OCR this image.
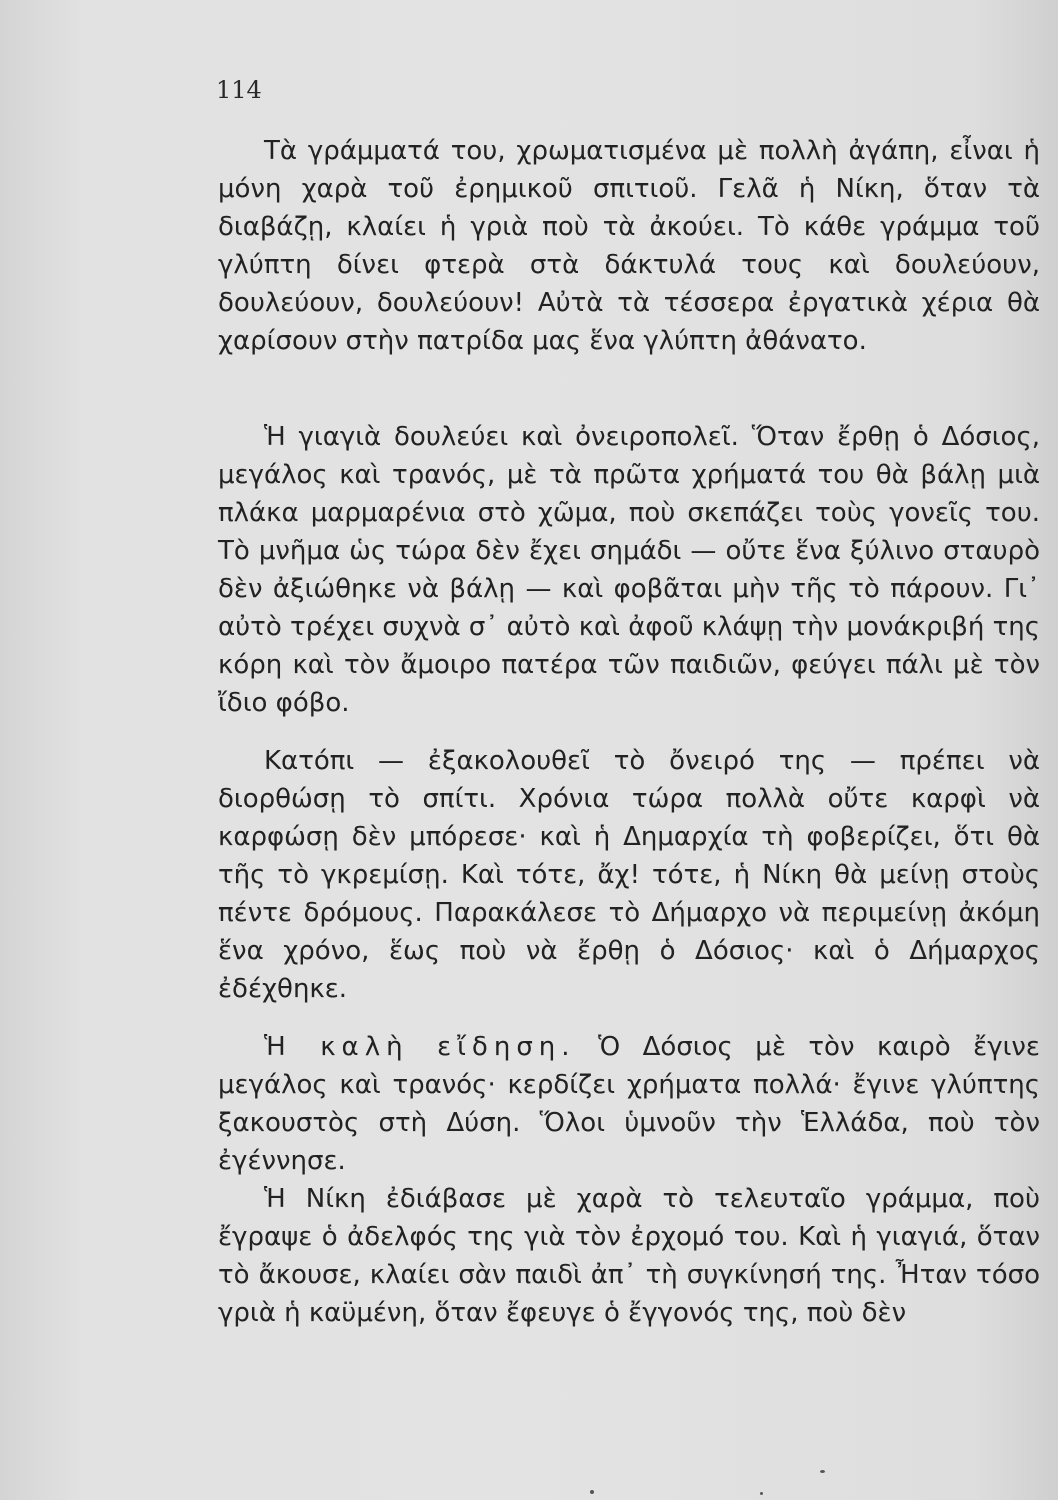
114

Τὰ γράμματά του, χρωματισμένα μὲ πολλὴ ἀγάπη, εἶναι ἡ μόνη χαρὰ τοῦ ἐρημικοῦ σπιτιοῦ. Γελᾶ ἡ Νίκη, ὅταν τὰ διαβάζῃ, κλαίει ἡ γριὰ ποὺ τὰ ἀκούει. Τὸ κάθε γράμμα τοῦ γλύπτη δίνει φτερὰ στὰ δάκτυλά τους καὶ δουλεύουν, δουλεύουν, δουλεύουν! Αὐτὰ τὰ τέσσερα ἐργατικὰ χέρια θὰ χαρίσουν στὴν πατρίδα μας ἕνα γλύπτη ἀθάνατο.

Ἡ γιαγιὰ δουλεύει καὶ ὀνειροπολεῖ. Ὅταν ἔρθῃ ὁ Δόσιος, μεγάλος καὶ τρανός, μὲ τὰ πρῶτα χρήματά του θὰ βάλῃ μιὰ πλάκα μαρμαρένια στὸ χῶμα, ποὺ σκεπάζει τοὺς γονεῖς του. Τὸ μνῆμα ὡς τώρα δὲν ἔχει σημάδι — οὔτε ἕνα ξύλινο σταυρὸ δὲν ἀξιώθηκε νὰ βάλῃ — καὶ φοβᾶται μὴν τῆς τὸ πάρουν. Γι᾽ αὐτὸ τρέχει συχνὰ σ᾽ αὐτὸ καὶ ἀφοῦ κλάψῃ τὴν μονάκριβή της κόρη καὶ τὸν ἄμοιρο πατέρα τῶν παιδιῶν, φεύγει πάλι μὲ τὸν ἴδιο φόβο.

Κατόπι — ἐξακολουθεῖ τὸ ὄνειρό της — πρέπει νὰ διορθώσῃ τὸ σπίτι. Χρόνια τώρα πολλὰ οὔτε καρφὶ νὰ καρφώσῃ δὲν μπόρεσε· καὶ ἡ Δημαρχία τὴ φοβερίζει, ὅτι θὰ τῆς τὸ γκρεμίσῃ. Καὶ τότε, ἄχ! τότε, ἡ Νίκη θὰ μείνῃ στοὺς πέντε δρόμους. Παρακάλεσε τὸ Δήμαρχο νὰ περιμείνῃ ἀκόμη ἕνα χρόνο, ἕως ποὺ νὰ ἔρθῃ ὁ Δόσιος· καὶ ὁ Δήμαρχος ἐδέχθηκε.

Ἡ καλὴ εἴδηση. Ὁ Δόσιος μὲ τὸν καιρὸ ἔγινε μεγάλος καὶ τρανός· κερδίζει χρήματα πολλά· ἔγινε γλύπτης ξακουστὸς στὴ Δύση. Ὅλοι ὑμνοῦν τὴν Ἑλλάδα, ποὺ τὸν ἐγέννησε.

Ἡ Νίκη ἐδιάβασε μὲ χαρὰ τὸ τελευταῖο γράμμα, ποὺ ἔγραψε ὁ ἀδελφός της γιὰ τὸν ἐρχομό του. Καὶ ἡ γιαγιά, ὅταν τὸ ἄκουσε, κλαίει σὰν παιδὶ ἀπ᾽ τὴ συγκίνησή της. Ἦταν τόσο γριὰ ἡ καϋμένη, ὅταν ἔφευγε ὁ ἔγγονός της, ποὺ δὲν
